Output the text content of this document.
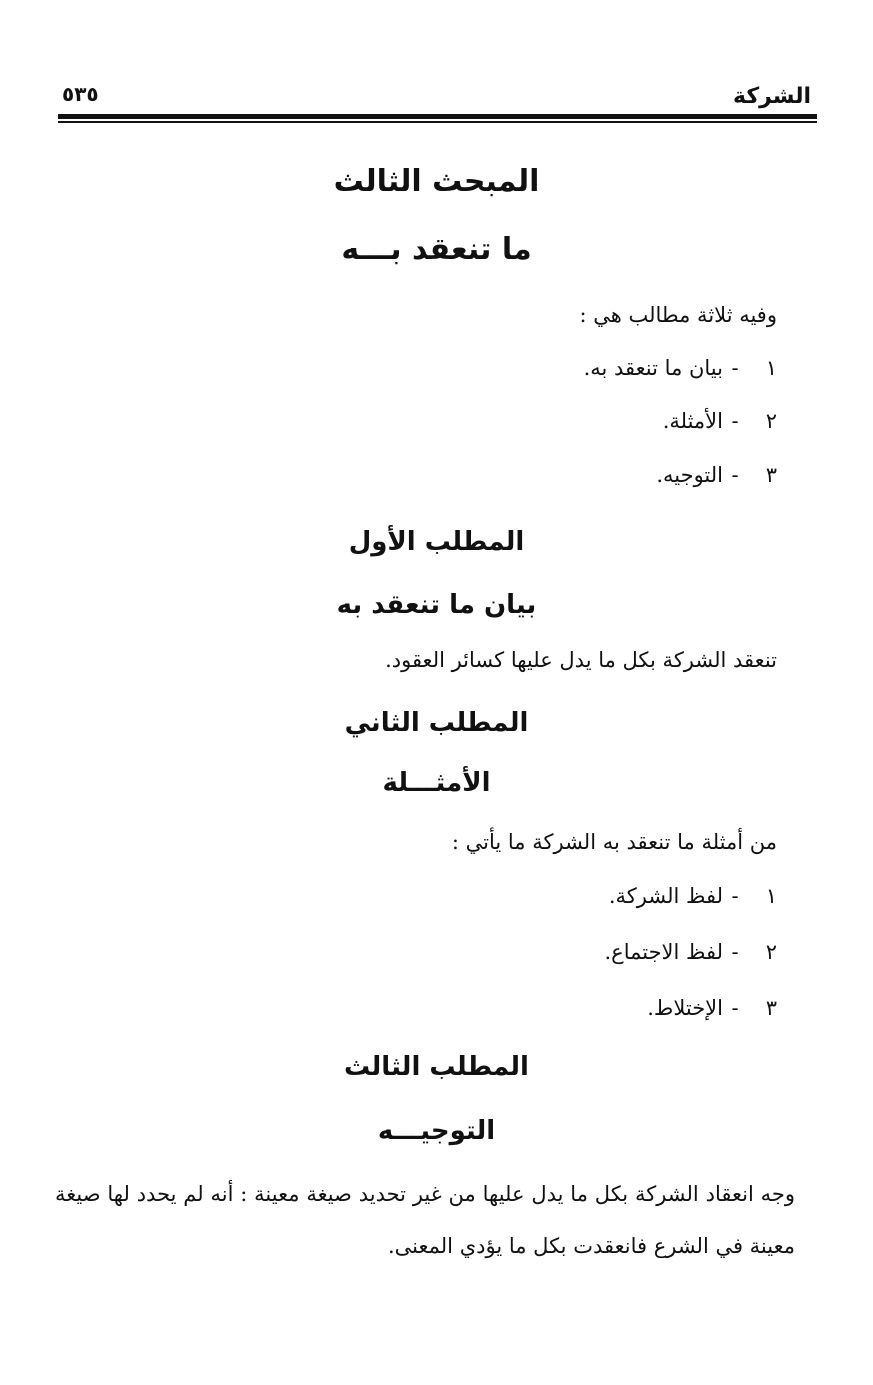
الشركة
٥٣٥
المبحث الثالث
ما تنعقد بـــه
وفيه ثلاثة مطالب هي :
١-بيان ما تنعقد به.
٢-الأمثلة.
٣-التوجيه.
المطلب الأول
بيان ما تنعقد به
تنعقد الشركة بكل ما يدل عليها كسائر العقود.
المطلب الثاني
الأمثـــلة
من أمثلة ما تنعقد به الشركة ما يأتي :
١-لفظ الشركة.
٢-لفظ الاجتماع.
٣-الإختلاط.
المطلب الثالث
التوجيـــه
وجه انعقاد الشركة بكل ما يدل عليها من غير تحديد صيغة معينة : أنه لم يحدد لها صيغة معينة في الشرع فانعقدت بكل ما يؤدي المعنى.
